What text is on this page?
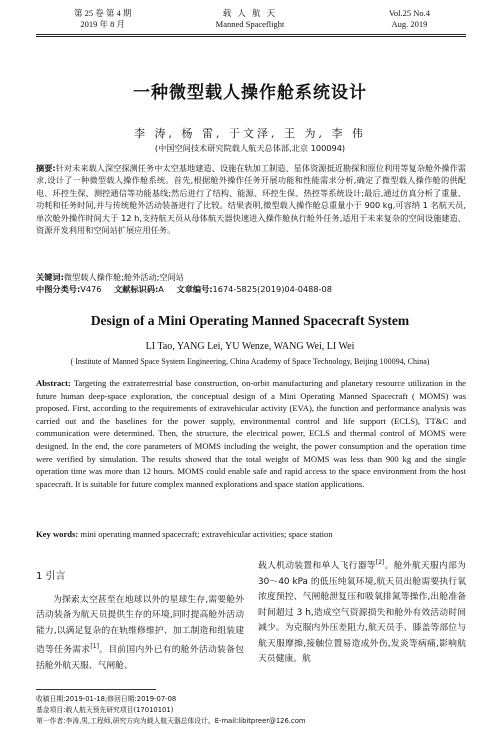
第 25 卷 第 4 期
2019 年 8 月
载 人 航 天
Manned Spaceflight
Vol.25 No.4
Aug. 2019
一种微型载人操作舱系统设计
李 涛, 杨 雷, 于文泽, 王 为, 李 伟
(中国空间技术研究院载人航天总体部,北京 100094)
摘要:针对未来载人深空探测任务中太空基地建造、设施在轨加工制造、星体资源抵近勘探和原位利用等复杂舱外操作需求,设计了一种微型载人操作舱系统。首先,根据舱外操作任务开展功能和性能需求分析,确定了微型载人操作舱的供配电、环控生保、测控通信等功能基线;然后进行了结构、能源、环控生保、热控等系统设计;最后,通过仿真分析了重量、功耗和任务时间,并与传统舱外活动装备进行了比较。结果表明,微型载人操作舱总重量小于 900 kg,可容纳 1 名航天员,单次舱外操作时间大于 12 h,支持航天员从母体航天器快速进入操作舱执行舱外任务,适用于未来复杂的空间设施建造、资源开发利用和空间站扩展应用任务。
关键词:微型载人操作舱;舱外活动;空间站
中图分类号:V476 文献标识码:A 文章编号:1674-5825(2019)04-0488-08
Design of a Mini Operating Manned Spacecraft System
LI Tao, YANG Lei, YU Wenze, WANG Wei, LI Wei
( Institute of Manned Space System Engineering, China Academy of Space Technology, Beijing 100094, China)
Abstract: Targeting the extraterrestrial base construction, on-orbit manufacturing and planetary resource utilization in the future human deep-space exploration, the conceptual design of a Mini Operating Manned Spacecraft ( MOMS) was proposed. First, according to the requirements of extravehicular activity (EVA), the function and performance analysis was carried out and the baselines for the power supply, environmental control and life support (ECLS), TT&C and communication were determined. Then, the structure, the electrical power, ECLS and thermal control of MOMS were designed. In the end, the core parameters of MOMS including the weight, the power consumption and the operation time were verified by simulation. The results showed that the total weight of MOMS was less than 900 kg and the single operation time was more than 12 hours. MOMS could enable safe and rapid access to the space environment from the host spacecraft. It is suitable for future complex manned explorations and space station applications.
Key words: mini operating manned spacecraft; extravehicular activities; space station
1 引言

为探索太空甚至在地球以外的星球生存,需要舱外活动装备为航天员提供生存的环境,同时提高舱外活动能力,以满足复杂的在轨维修维护、加工制造和组装建造等任务需求[1]。目前国内外已有的舱外活动装备包括舱外航天服、气闸舱、

载人机动装置和单人飞行器等[2]。舱外航天服内部为 30～40 kPa 的低压纯氧环境,航天员出舱需要执行氧浓度预控、气闸舱泄复压和吸氧排氮等操作,出舱准备时间超过 3 h,造成空气资源损失和舱外有效活动时间减少。为克服内外压差阻力,航天员手、膝盖等部位与航天服摩擦,接触位置易造成外伤,发炎等病痛,影响航天员健康。航

收稿日期:2019-01-18;修回日期:2019-07-08
基金项目:载人航天预先研究项目(17010101)
第一作者:李涛,男,工程师,研究方向为载人航天器总体设计。E-mail:libitpreer@126.com
